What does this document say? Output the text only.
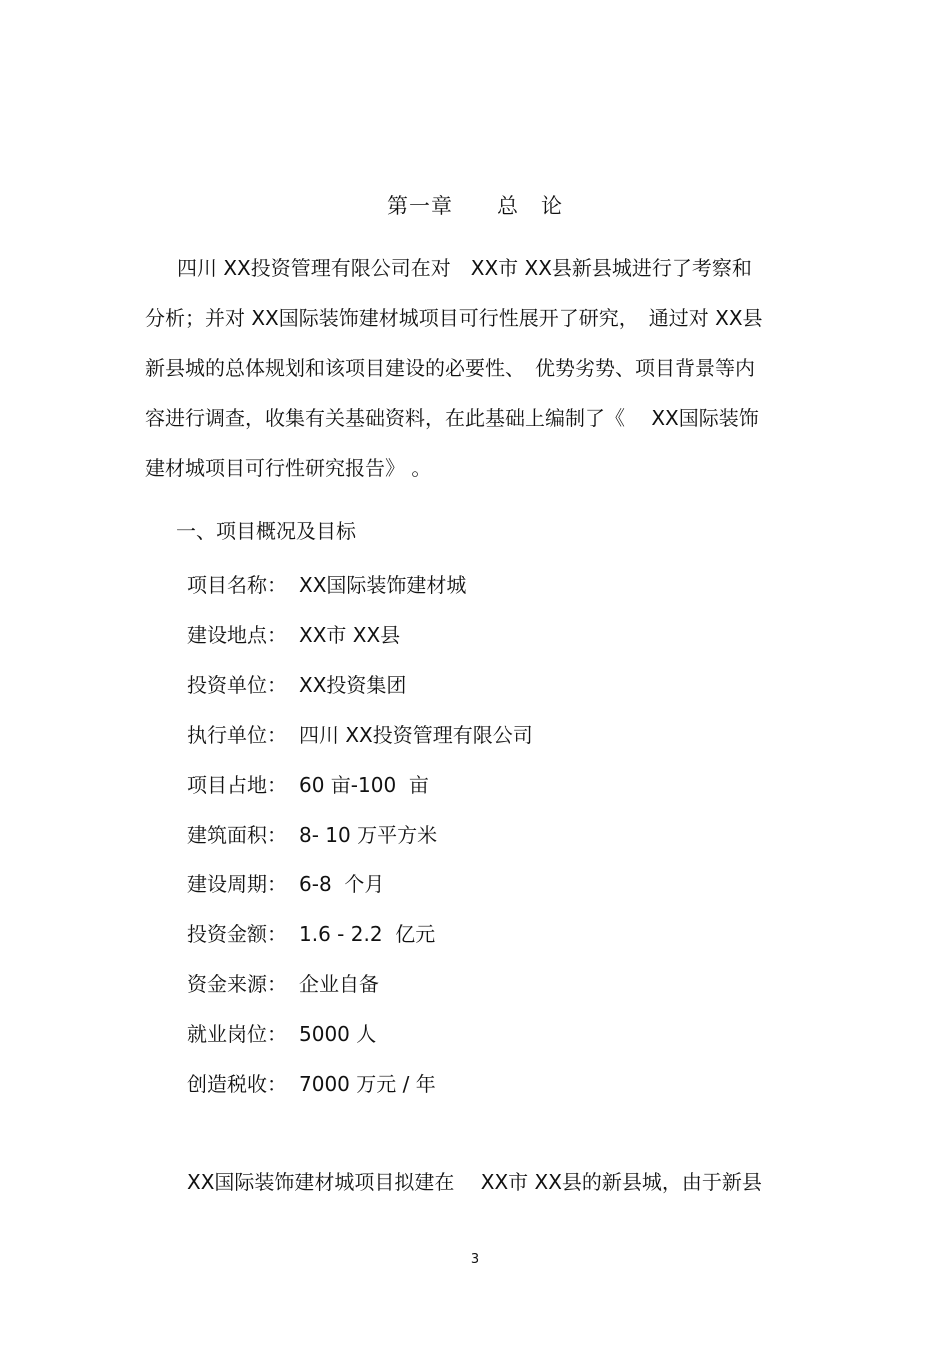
第一章　　总　论
　四川 XX投资管理有限公司在对　XX市 XX县新县城进行了考察和
分析；并对 XX国际装饰建材城项目可行性展开了研究，　通过对 XX县
新县城的总体规划和该项目建设的必要性、　优势劣势、项目背景等内
容进行调查，收集有关基础资料，在此基础上编制了《　 XX国际装饰
建材城项目可行性研究报告》 。
一、项目概况及目标
项目名称： XX国际装饰建材城
建设地点： XX市 XX县
投资单位： XX投资集团
执行单位： 四川 XX投资管理有限公司
项目占地： 60 亩-100  亩
建筑面积： 8- 10 万平方米
建设周期： 6-8  个月
投资金额： 1.6 - 2.2  亿元
资金来源： 企业自备
就业岗位： 5000 人
创造税收： 7000 万元 / 年
XX国际装饰建材城项目拟建在　 XX市 XX县的新县城，由于新县
3
